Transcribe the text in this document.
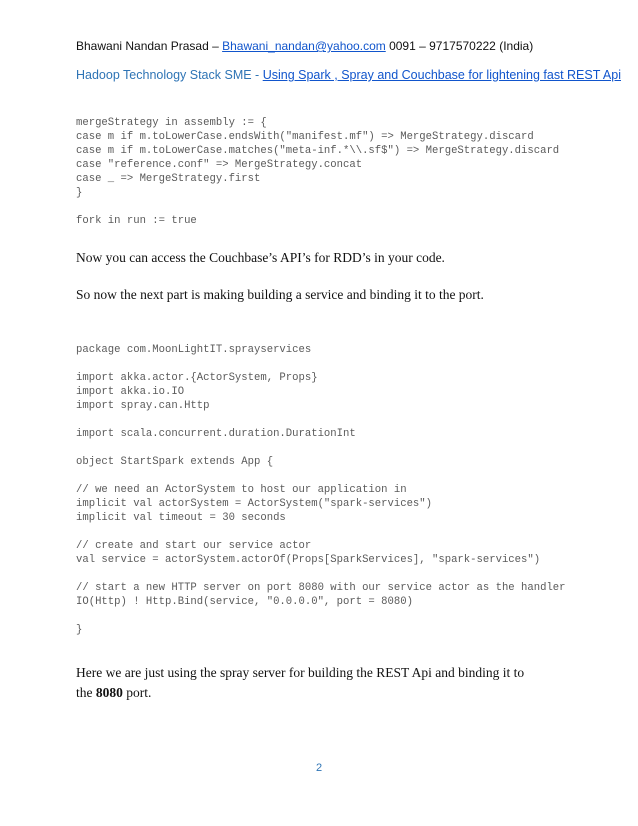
Bhawani Nandan Prasad – Bhawani_nandan@yahoo.com 0091 – 9717570222 (India)
Hadoop Technology Stack SME - Using Spark , Spray and Couchbase for lightening fast REST Api
mergeStrategy in assembly := {
case m if m.toLowerCase.endsWith("manifest.mf") => MergeStrategy.discard
case m if m.toLowerCase.matches("meta-inf.*\\.sf$") => MergeStrategy.discard
case "reference.conf" => MergeStrategy.concat
case _ => MergeStrategy.first
}
fork in run := true
Now you can access the Couchbase’s API’s for RDD’s in your code.
So now the next part is making building a service and binding it to the port.
package com.MoonLightIT.sprayservices
import akka.actor.{ActorSystem, Props}
import akka.io.IO
import spray.can.Http
import scala.concurrent.duration.DurationInt
object StartSpark extends App {
// we need an ActorSystem to host our application in
implicit val actorSystem = ActorSystem("spark-services")
implicit val timeout = 30 seconds
// create and start our service actor
val service = actorSystem.actorOf(Props[SparkServices], "spark-services")
// start a new HTTP server on port 8080 with our service actor as the handler
IO(Http) ! Http.Bind(service, "0.0.0.0", port = 8080)
}
Here we are just using the spray server for building the REST Api and binding it to
the 8080 port.
2
